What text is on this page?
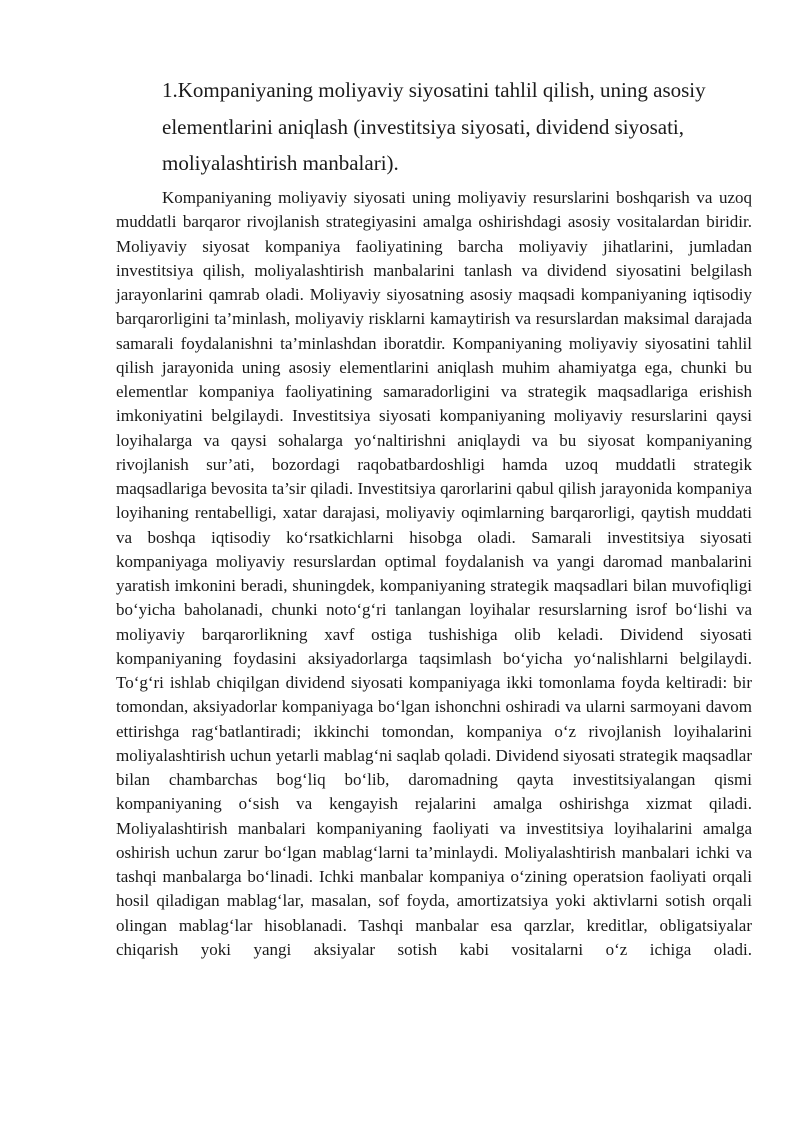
1.Kompaniyaning moliyaviy siyosatini tahlil qilish, uning asosiy elementlarini aniqlash (investitsiya siyosati, dividend siyosati, moliyalashtirish manbalari).

Kompaniyaning moliyaviy siyosati uning moliyaviy resurslarini boshqarish va uzoq muddatli barqaror rivojlanish strategiyasini amalga oshirishdagi asosiy vositalardan biridir. Moliyaviy siyosat kompaniya faoliyatining barcha moliyaviy jihatlarini, jumladan investitsiya qilish, moliyalashtirish manbalarini tanlash va dividend siyosatini belgilash jarayonlarini qamrab oladi. Moliyaviy siyosatning asosiy maqsadi kompaniyaning iqtisodiy barqarorligini ta’minlash, moliyaviy risklarni kamaytirish va resurslardan maksimal darajada samarali foydalanishni ta’minlashdan iboratdir. Kompaniyaning moliyaviy siyosatini tahlil qilish jarayonida uning asosiy elementlarini aniqlash muhim ahamiyatga ega, chunki bu elementlar kompaniya faoliyatining samaradorligini va strategik maqsadlariga erishish imkoniyatini belgilaydi. Investitsiya siyosati kompaniyaning moliyaviy resurslarini qaysi loyihalarga va qaysi sohalarga yo‘naltirishni aniqlaydi va bu siyosat kompaniyaning rivojlanish sur’ati, bozordagi raqobatbardoshligi hamda uzoq muddatli strategik maqsadlariga bevosita ta’sir qiladi. Investitsiya qarorlarini qabul qilish jarayonida kompaniya loyihaning rentabelligi, xatar darajasi, moliyaviy oqimlarning barqarorligi, qaytish muddati va boshqa iqtisodiy ko‘rsatkichlarni hisobga oladi. Samarali investitsiya siyosati kompaniyaga moliyaviy resurslardan optimal foydalanish va yangi daromad manbalarini yaratish imkonini beradi, shuningdek, kompaniyaning strategik maqsadlari bilan muvofiqligi bo‘yicha baholanadi, chunki noto‘g‘ri tanlangan loyihalar resurslarning isrof bo‘lishi va moliyaviy barqarorlikning xavf ostiga tushishiga olib keladi. Dividend siyosati kompaniyaning foydasini aksiyadorlarga taqsimlash bo‘yicha yo‘nalishlarni belgilaydi. To‘g‘ri ishlab chiqilgan dividend siyosati kompaniyaga ikki tomonlama foyda keltiradi: bir tomondan, aksiyadorlar kompaniyaga bo‘lgan ishonchni oshiradi va ularni sarmoyani davom ettirishga rag‘batlantiradi; ikkinchi tomondan, kompaniya o‘z rivojlanish loyihalarini moliyalashtirish uchun yetarli mablag‘ni saqlab qoladi. Dividend siyosati strategik maqsadlar bilan chambarchas bog‘liq bo‘lib, daromadning qayta investitsiyalangan qismi kompaniyaning o‘sish va kengayish rejalarini amalga oshirishga xizmat qiladi. Moliyalashtirish manbalari kompaniyaning faoliyati va investitsiya loyihalarini amalga oshirish uchun zarur bo‘lgan mablag‘larni ta’minlaydi. Moliyalashtirish manbalari ichki va tashqi manbalarga bo‘linadi. Ichki manbalar kompaniya o‘zining operatsion faoliyati orqali hosil qiladigan mablag‘lar, masalan, sof foyda, amortizatsiya yoki aktivlarni sotish orqali olingan mablag‘lar hisoblanadi. Tashqi manbalar esa qarzlar, kreditlar, obligatsiyalar chiqarish yoki yangi aksiyalar sotish kabi vositalarni o‘z ichiga oladi.
